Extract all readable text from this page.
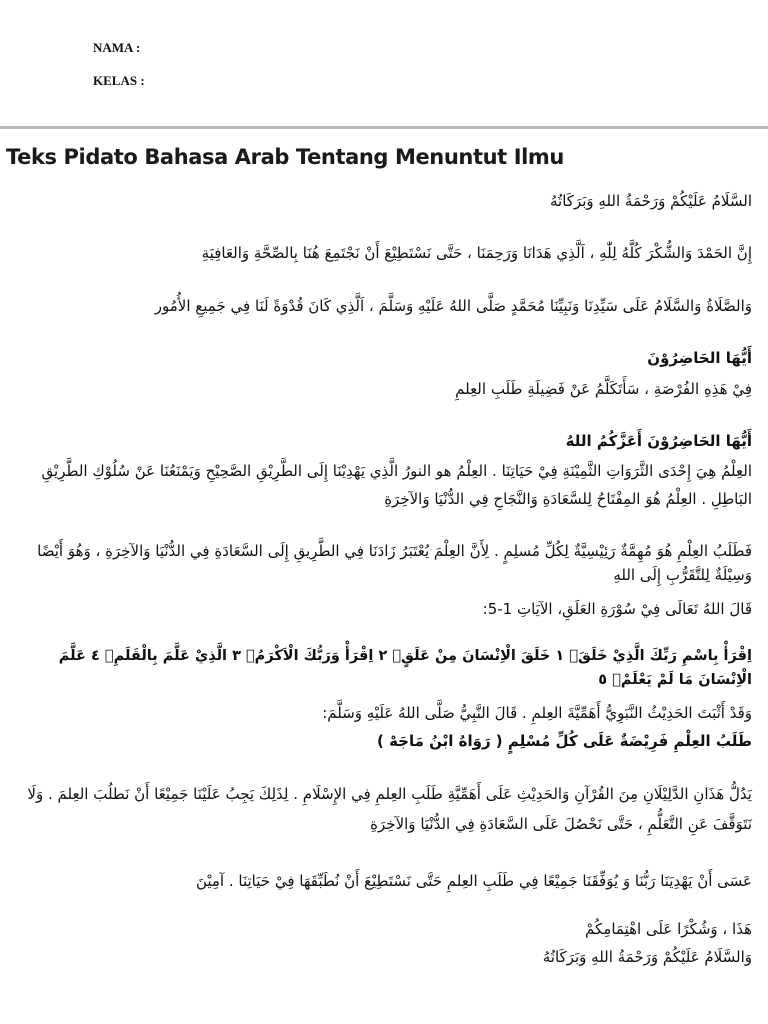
NAMA :
KELAS :
Teks Pidato Bahasa Arab Tentang Menuntut Ilmu
السَّلَامُ عَلَيْكُمْ وَرَحْمَةُ اللهِ وَبَرَكَاتُهُ
إِنَّ الحَمْدَ وَالشُّكْرَ كُلَّهُ لِلّٰهِ ، اَلَّذِي هَدَانَا وَرَحِمَنَا ، حَتَّى نَسْتَطِيْعَ أَنْ نَجْتَمِعَ هُنَا بِالصِّحَّةِ وَالعَافِيَةِ
وَالصَّلَاةُ وَالسَّلَامُ عَلَى سَيِّدِنَا وَنَبِيِّنَا مُحَمَّدٍ صَلَّى اللهُ عَلَيْهِ وَسَلَّمَ ، اَلَّذِي كَانَ قُدْوَةً لَنَا فِي جَمِيعِ الأُمُور
أَيُّهَا الحَاضِرُوْنَ
فِيْ هَذِهِ الفُرْصَةِ ، سَأَتَكَلَّمُ عَنْ فَضِيلَةِ طَلَبِ العِلمِ
أَيُّهَا الحَاضِرُوْنَ أَعَزَّكُمُ اللهُ
العِلْمُ هِيَ إِحْدَى الثَّرَوَاتِ الثَّمِيْنَةِ فِيْ حَيَاتِنَا . العِلْمُ هو النورُ الَّذِي يَهْدِيْنَا إِلَى الطَّرِيْقِ الصَّحِيْحِ وَيَمْنَعُنَا عَنْ سُلُوْكِ الطَّرِيْقِ البَاطِلِ . العِلْمُ هُوَ المِفْتَاحُ لِلسَّعَادَةِ وَالنَّجَاحِ فِي الدُّنْيَا وَالآخِرَةِ
فَطَلَبُ العِلْمِ هُوَ مُهِمَّةٌ رَئِيْسِيَّةٌ لِكُلِّ مُسلِمٍ . لِأَنَّ العِلْمَ يُعْتَبَرُ زَادَنَا فِي الطَّرِيقِ إِلَى السَّعَادَةِ فِي الدُّنْيَا وَالآخِرَةِ ، وَهُوَ أَيْضًا وَسِيْلَةٌ لِلتَّقَرُّبِ إِلَى اللهِ
قَالَ اللهُ تَعَالَى فِيْ سُوْرَةِ العَلَقِ، الآيَاتِ 1-5:
اِقْرَأْ بِاسْمِ رَبِّكَ الَّذِيْ خَلَقَۚ ١ خَلَقَ الْاِنْسَانَ مِنْ عَلَقٍۚ ٢ اِقْرَأْ وَرَبُّكَ الْاَكْرَمُۙ ٣ الَّذِيْ عَلَّمَ بِالْقَلَمِۙ ٤ عَلَّمَ الْاِنْسَانَ مَا لَمْ يَعْلَمْۗ ٥
وَقَدْ أَثْبَتَ الحَدِيْثُ النَّبَوِيُّ أَهَمِّيَّةَ العِلمِ . قَالَ النَّبِيُّ صَلَّى اللهُ عَلَيْهِ وَسَلَّمَ:
طَلَبُ العِلْمِ فَرِيْضَةٌ عَلَى كُلِّ مُسْلِمٍ ( رَوَاهُ ابْنُ مَاجَهْ )
يَدُلُّ هَذَانِ الدَّلِيْلَانِ مِنَ القُرْآنِ وَالحَدِيْثِ عَلَى أَهَمِّيَّةِ طَلَبِ العِلمِ فِي الإِسْلَامِ . لِذَلِكَ يَجِبُ عَلَيْنَا جَمِيْعًا أَنْ نَطلُبَ العِلمَ . وَلَا نَتَوَقَّفَ عَنِ التَّعَلُّمِ ، حَتَّى نَحْصُلَ عَلَى السَّعَادَةِ فِي الدُّنْيَا وَالآخِرَةِ
عَسَى أَنْ يَهْدِيَنَا رَبُّنَا وَ يُوَفِّقَنَا جَمِيْعًا فِي طَلَبِ العِلمِ حَتَّى نَسْتَطِيْعَ أَنْ نُطَبِّقَهَا فِيْ حَيَاتِنَا . آمِيْنَ
هَذَا ، وَشُكْرًا عَلَى اهْتِمَامِكُمْ
وَالسَّلَامُ عَلَيْكُمْ وَرَحْمَةُ اللهِ وَبَرَكَاتُهُ
